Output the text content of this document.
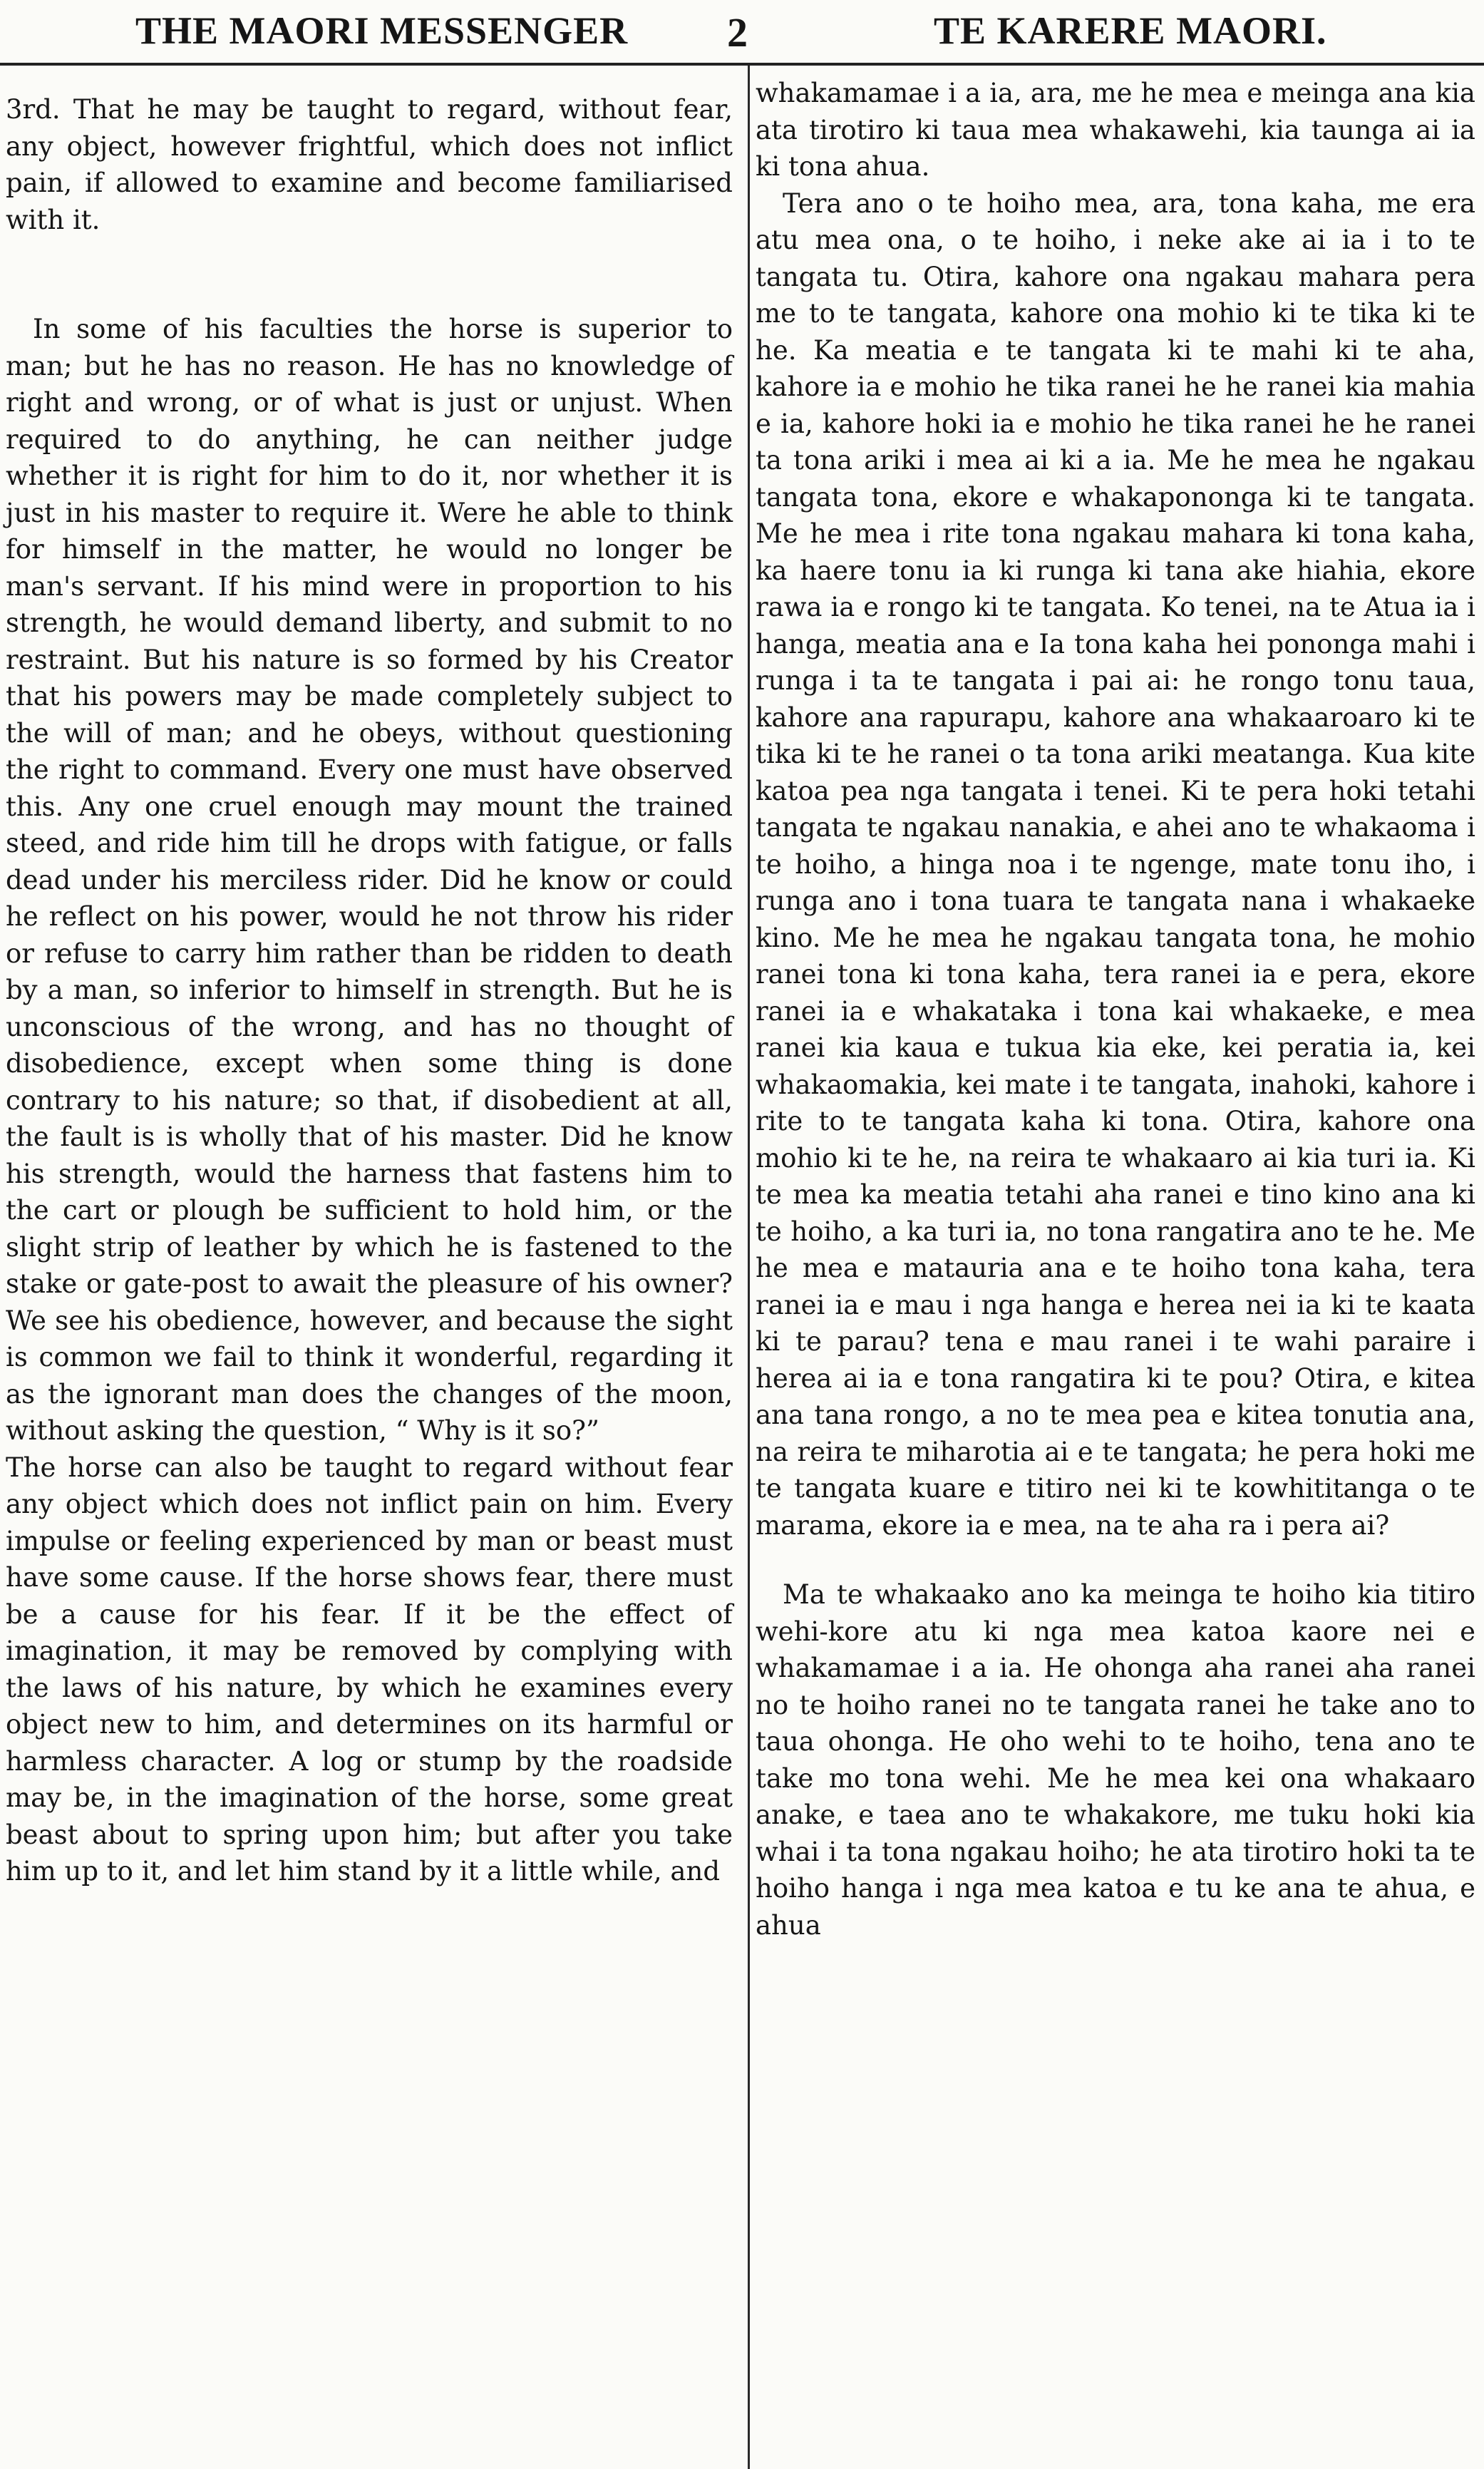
THE MAORI MESSENGER 2	TE KARERE MAORI.

3rd. That he may be taught to regard, without fear, any object, however frightful, which does not inflict pain, if allowed to examine and become familiarised with it.

In some of his faculties the horse is superior to man; but he has no reason. He has no knowledge of right and wrong, or of what is just or unjust. When required to do anything, he can neither judge whether it is right for him to do it, nor whether it is just in his master to require it. Were he able to think for himself in the matter, he would no longer be man's servant. If his mind were in proportion to his strength, he would demand liberty, and submit to no restraint. But his nature is so formed by his Creator that his powers may be made completely subject to the will of man; and he obeys, without questioning the right to command. Every one must have observed this. Any one cruel enough may mount the trained steed, and ride him till he drops with fatigue, or falls dead under his merciless rider. Did he know or could he reflect on his power, would he not throw his rider or refuse to carry him rather than be ridden to death by a man, so inferior to himself in strength. But he is unconscious of the wrong, and has no thought of disobedience, except when some thing is done contrary to his nature; so that, if disobedient at all, the fault is is wholly that of his master. Did he know his strength, would the harness that fastens him to the cart or plough be sufficient to hold him, or the slight strip of leather by which he is fastened to the stake or gate-post to await the pleasure of his owner? We see his obedience, however, and because the sight is common we fail to think it wonderful, regarding it as the ignorant man does the changes of the moon, without asking the question, “ Why is it so?”

The horse can also be taught to regard without fear any object which does not inflict pain on him. Every impulse or feeling experienced by man or beast must have some cause. If the horse shows fear, there must be a cause for his fear. If it be the effect of imagination, it may be removed by complying with the laws of his nature, by which he examines every object new to him, and determines on its harmful or harmless character. A log or stump by the roadside may be, in the imagination of the horse, some great beast about to spring upon him; but after you take him up to it, and let him stand by it a little while, and

whakamamae i a ia, ara, me he mea e meinga ana kia ata tirotiro ki taua mea whakawehi, kia taunga ai ia ki tona ahua.

Tera ano o te hoiho mea, ara, tona kaha, me era atu mea ona, o te hoiho, i neke ake ai ia i to te tangata tu. Otira, kahore ona ngakau mahara pera me to te tangata, kahore ona mohio ki te tika ki te he. Ka meatia e te tangata ki te mahi ki te aha, kahore ia e mohio he tika ranei he he ranei kia mahia e ia, kahore hoki ia e mohio he tika ranei he he ranei ta tona ariki i mea ai ki a ia. Me he mea he ngakau tangata tona, ekore e whakapononga ki te tangata. Me he mea i rite tona ngakau mahara ki tona kaha, ka haere tonu ia ki runga ki tana ake hiahia, ekore rawa ia e rongo ki te tangata. Ko tenei, na te Atua ia i hanga, meatia ana e Ia tona kaha hei pononga mahi i runga i ta te tangata i pai ai: he rongo tonu taua, kahore ana rapurapu, kahore ana whakaaroaro ki te tika ki te he ranei o ta tona ariki meatanga. Kua kite katoa pea nga tangata i tenei. Ki te pera hoki tetahi tangata te ngakau nanakia, e ahei ano te whakaoma i te hoiho, a hinga noa i te ngenge, mate tonu iho, i runga ano i tona tuara te tangata nana i whakaeke kino. Me he mea he ngakau tangata tona, he mohio ranei tona ki tona kaha, tera ranei ia e pera, ekore ranei ia e whakataka i tona kai whakaeke, e mea ranei kia kaua e tukua kia eke, kei peratia ia, kei whakaomakia, kei mate i te tangata, inahoki, kahore i rite to te tangata kaha ki tona. Otira, kahore ona mohio ki te he, na reira te whakaaro ai kia turi ia. Ki te mea ka meatia tetahi aha ranei e tino kino ana ki te hoiho, a ka turi ia, no tona rangatira ano te he. Me he mea e matauria ana e te hoiho tona kaha, tera ranei ia e mau i nga hanga e herea nei ia ki te kaata ki te parau? tena e mau ranei i te wahi paraire i herea ai ia e tona rangatira ki te pou? Otira, e kitea ana tana rongo, a no te mea pea e kitea tonutia ana, na reira te miharotia ai e te tangata; he pera hoki me te tangata kuare e titiro nei ki te kowhititanga o te marama, ekore ia e mea, na te aha ra i pera ai?

Ma te whakaako ano ka meinga te hoiho kia titiro wehi-kore atu ki nga mea katoa kaore nei e whakamamae i a ia. He ohonga aha ranei aha ranei no te hoiho ranei no te tangata ranei he take ano to taua ohonga. He oho wehi to te hoiho, tena ano te take mo tona wehi. Me he mea kei ona whakaaro anake, e taea ano te whakakore, me tuku hoki kia whai i ta tona ngakau hoiho; he ata tirotiro hoki ta te hoiho hanga i nga mea katoa e tu ke ana te ahua, e ahua
